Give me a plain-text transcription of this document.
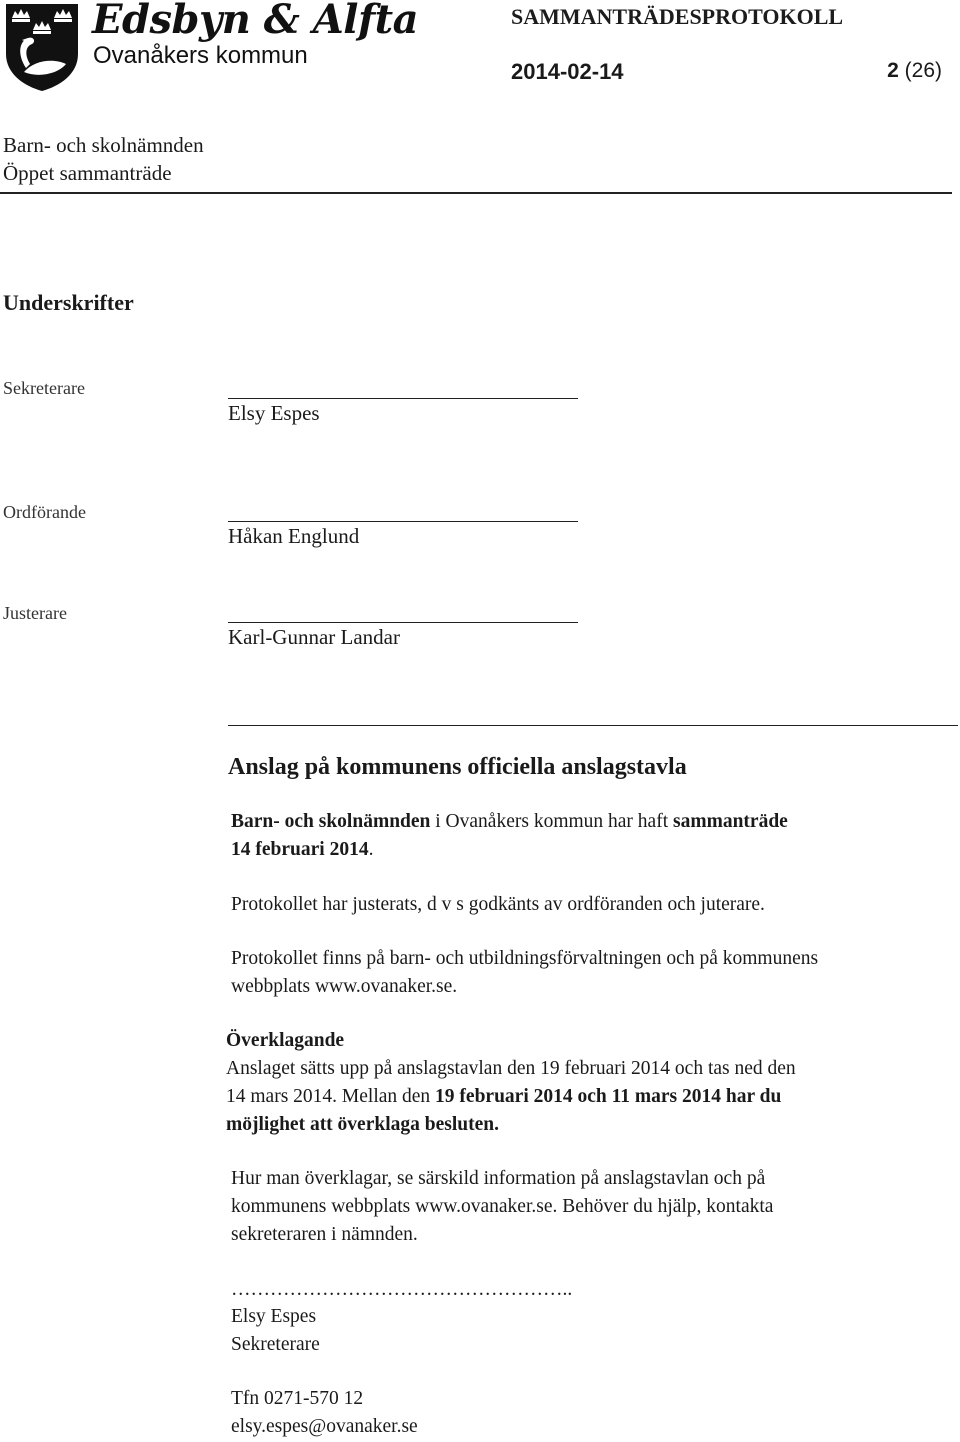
Edsbyn & Alfta
Ovanåkers kommun
SAMMANTRÄDESPROTOKOLL
2014-02-14	2 (26)
Barn- och skolnämnden
Öppet sammanträde
Underskrifter
Sekreterare
Elsy Espes
Ordförande
Håkan Englund
Justerare
Karl-Gunnar Landar
Anslag på kommunens officiella anslagstavla
Barn- och skolnämnden i Ovanåkers kommun har haft sammanträde
14 februari 2014.
Protokollet har justerats, d v s godkänts av ordföranden och juterare.
Protokollet finns på barn- och utbildningsförvaltningen och på kommunens
webbplats www.ovanaker.se.
Överklagande
Anslaget sätts upp på anslagstavlan den 19 februari 2014 och tas ned den
14 mars 2014. Mellan den 19 februari 2014 och 11 mars 2014 har du
möjlighet att överklaga besluten.
Hur man överklagar, se särskild information på anslagstavlan och på
kommunens webbplats www.ovanaker.se. Behöver du hjälp, kontakta
sekreteraren i nämnden.
……………………………………………..
Elsy Espes
Sekreterare
Tfn 0271-570 12
elsy.espes@ovanaker.se
